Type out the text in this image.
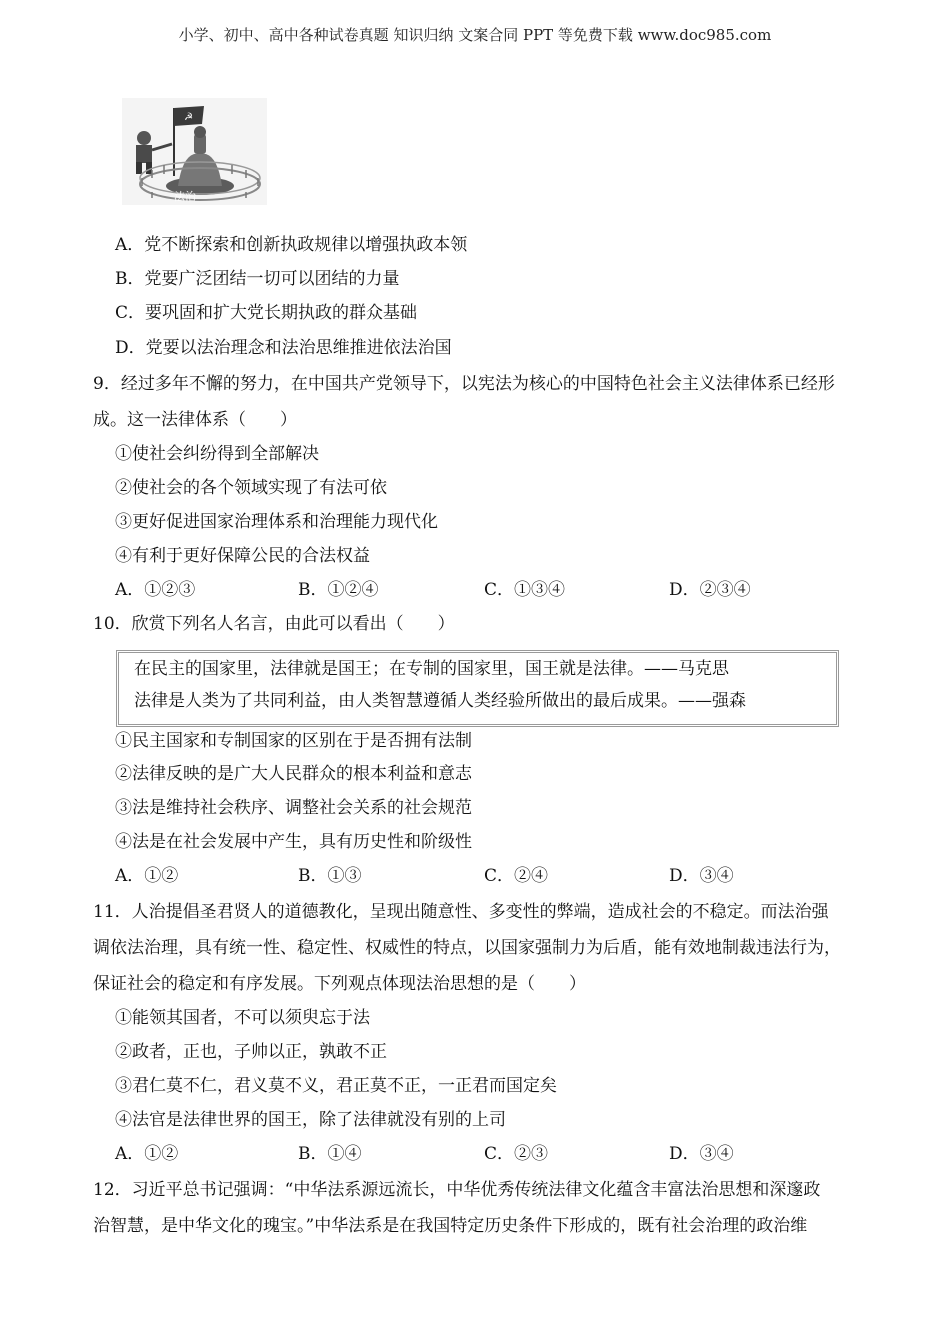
小学、初中、高中各种试卷真题 知识归纳 文案合同 PPT 等免费下载 www.doc985.com
☭
法治
A．党不断探索和创新执政规律以增强执政本领
B．党要广泛团结一切可以团结的力量
C．要巩固和扩大党长期执政的群众基础
D．党要以法治理念和法治思维推进依法治国
9．经过多年不懈的努力，在中国共产党领导下，以宪法为核心的中国特色社会主义法律体系已经形
成。这一法律体系（　　）
①使社会纠纷得到全部解决
②使社会的各个领域实现了有法可依
③更好促进国家治理体系和治理能力现代化
④有利于更好保障公民的合法权益
A．①②③	B．①②④	C．①③④	D．②③④
10．欣赏下列名人名言，由此可以看出（　　）
在民主的国家里，法律就是国王；在专制的国家里，国王就是法律。——马克思
法律是人类为了共同利益，由人类智慧遵循人类经验所做出的最后成果。——强森
①民主国家和专制国家的区别在于是否拥有法制
②法律反映的是广大人民群众的根本利益和意志
③法是维持社会秩序、调整社会关系的社会规范
④法是在社会发展中产生，具有历史性和阶级性
A．①②	B．①③	C．②④	D．③④
11．人治提倡圣君贤人的道德教化，呈现出随意性、多变性的弊端，造成社会的不稳定。而法治强
调依法治理，具有统一性、稳定性、权威性的特点，以国家强制力为后盾，能有效地制裁违法行为，
保证社会的稳定和有序发展。下列观点体现法治思想的是（　　）
①能领其国者，不可以须臾忘于法
②政者，正也，子帅以正，孰敢不正
③君仁莫不仁，君义莫不义，君正莫不正，一正君而国定矣
④法官是法律世界的国王，除了法律就没有别的上司
A．①②	B．①④	C．②③	D．③④
12．习近平总书记强调：“中华法系源远流长，中华优秀传统法律文化蕴含丰富法治思想和深邃政
治智慧，是中华文化的瑰宝。”中华法系是在我国特定历史条件下形成的，既有社会治理的政治维
